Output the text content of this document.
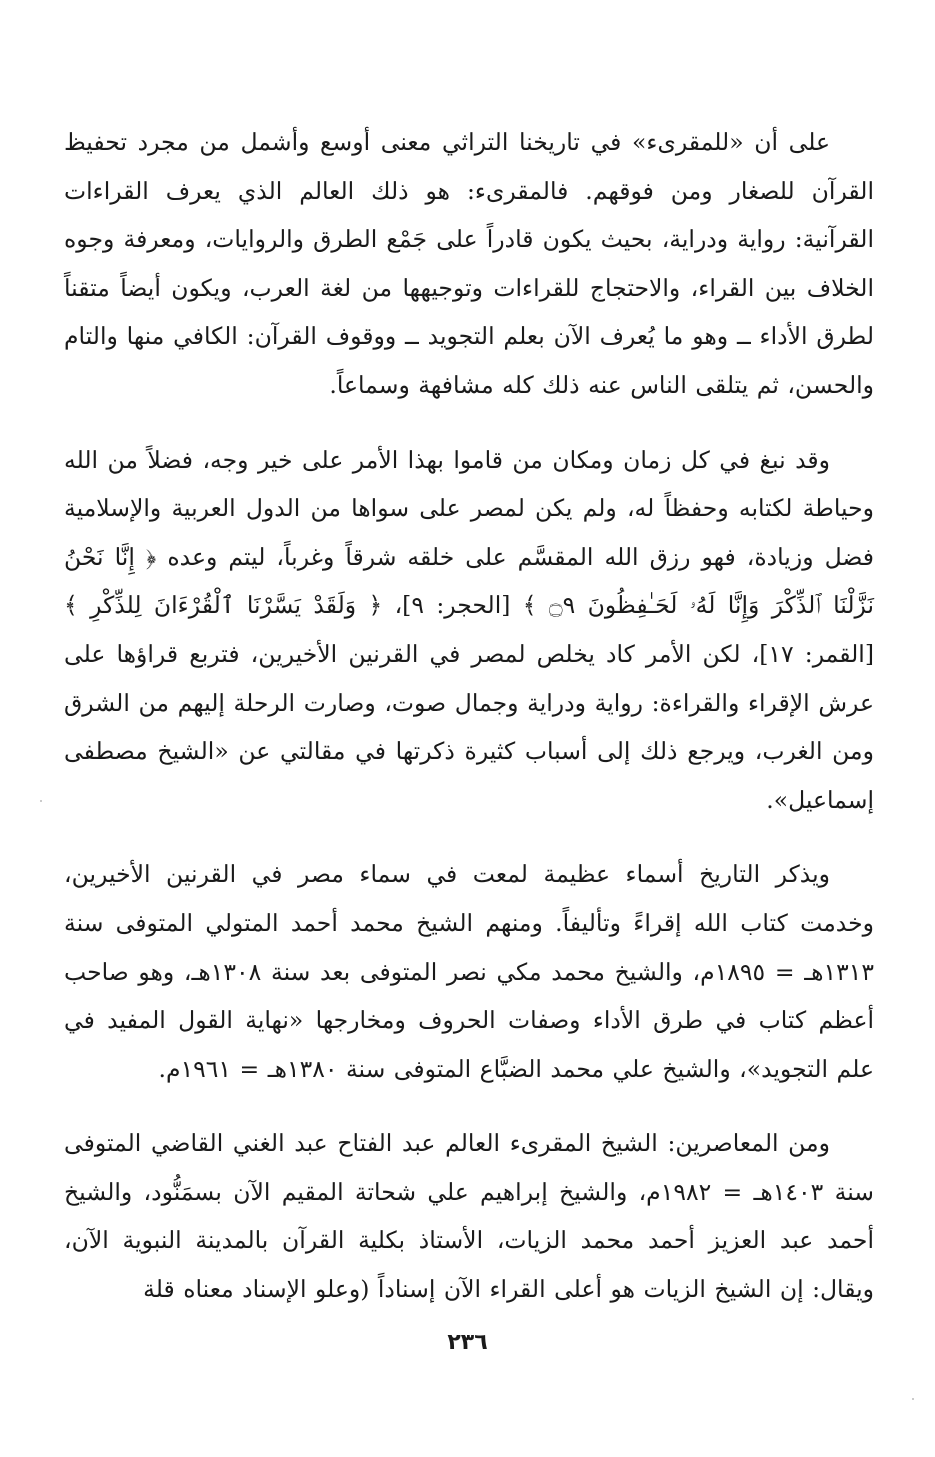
على أن «للمقرىء» في تاريخنا التراثي معنى أوسع وأشمل من مجرد تحفيظ القرآن للصغار ومن فوقهم. فالمقرىء: هو ذلك العالم الذي يعرف القراءات القرآنية: رواية ودراية، بحيث يكون قادراً على جَمْع الطرق والروايات، ومعرفة وجوه الخلاف بين القراء، والاحتجاج للقراءات وتوجيهها من لغة العرب، ويكون أيضاً متقناً لطرق الأداء ــ وهو ما يُعرف الآن بعلم التجويد ــ ووقوف القرآن: الكافي منها والتام والحسن، ثم يتلقى الناس عنه ذلك كله مشافهة وسماعاً.

وقد نبغ في كل زمان ومكان من قاموا بهذا الأمر على خير وجه، فضلاً من الله وحياطة لكتابه وحفظاً له، ولم يكن لمصر على سواها من الدول العربية والإسلامية فضل وزيادة، فهو رزق الله المقسَّم على خلقه شرقاً وغرباً، ليتم وعده ﴿ إِنَّا نَحْنُ نَزَّلْنَا ٱلذِّكْرَ وَإِنَّا لَهُۥ لَحَـٰفِظُونَ ۝٩ ﴾ [الحجر: ٩]، ﴿ وَلَقَدْ يَسَّرْنَا ٱلْقُرْءَانَ لِلذِّكْرِ ﴾ [القمر: ١٧]، لكن الأمر كاد يخلص لمصر في القرنين الأخيرين، فتربع قراؤها على عرش الإقراء والقراءة: رواية ودراية وجمال صوت، وصارت الرحلة إليهم من الشرق ومن الغرب، ويرجع ذلك إلى أسباب كثيرة ذكرتها في مقالتي عن «الشيخ مصطفى إسماعيل».

ويذكر التاريخ أسماء عظيمة لمعت في سماء مصر في القرنين الأخيرين، وخدمت كتاب الله إقراءً وتأليفاً. ومنهم الشيخ محمد أحمد المتولي المتوفى سنة ١٣١٣هـ = ١٨٩٥م، والشيخ محمد مكي نصر المتوفى بعد سنة ١٣٠٨هـ، وهو صاحب أعظم كتاب في طرق الأداء وصفات الحروف ومخارجها «نهاية القول المفيد في علم التجويد»، والشيخ علي محمد الضبَّاع المتوفى سنة ١٣٨٠هـ = ١٩٦١م.

ومن المعاصرين: الشيخ المقرىء العالم عبد الفتاح عبد الغني القاضي المتوفى سنة ١٤٠٣هـ = ١٩٨٢م، والشيخ إبراهيم علي شحاتة المقيم الآن بسمَنُّود، والشيخ أحمد عبد العزيز أحمد محمد الزيات، الأستاذ بكلية القرآن بالمدينة النبوية الآن، ويقال: إن الشيخ الزيات هو أعلى القراء الآن إسناداً (وعلو الإسناد معناه قلة

٢٣٦
